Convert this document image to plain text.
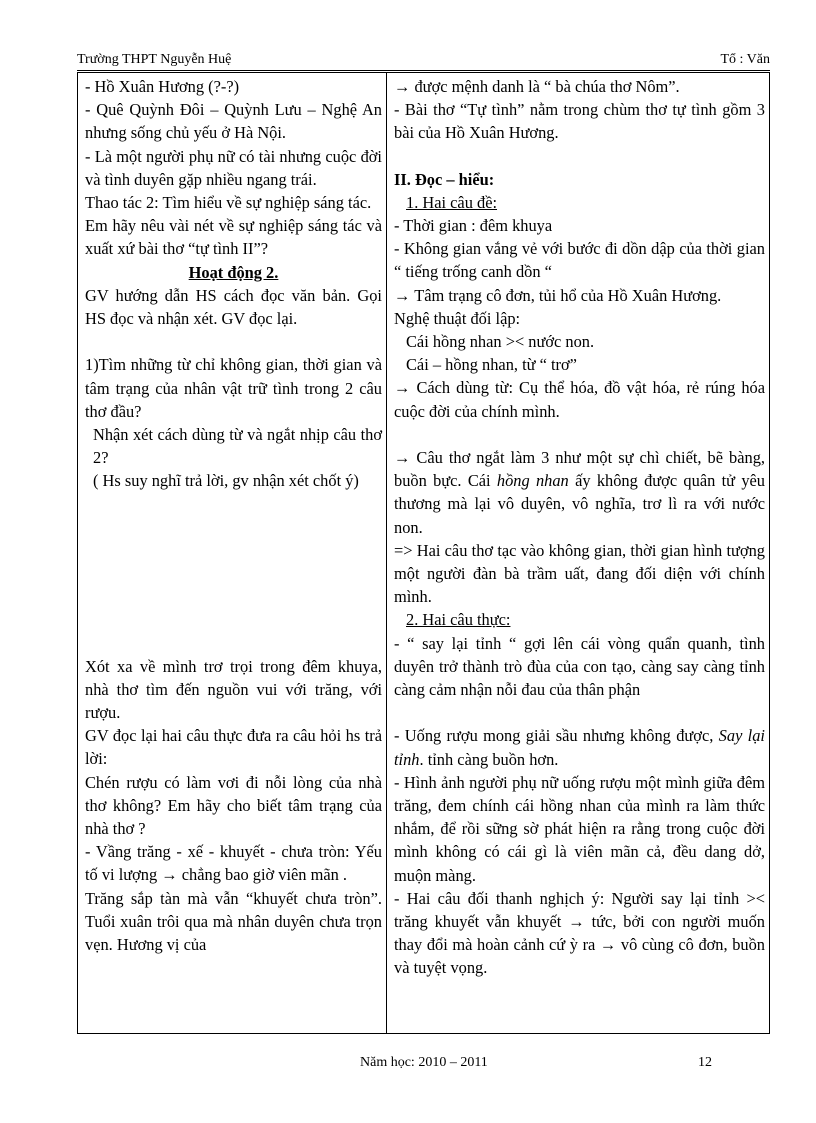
Trường THPT Nguyễn Huệ	Tổ : Văn

- Hồ Xuân Hương (?-?)

- Quê Quỳnh Đôi – Quỳnh Lưu – Nghệ An nhưng sống chủ yếu ở Hà Nội.

- Là một người phụ nữ có tài nhưng cuộc đời và tình duyên gặp nhiều ngang trái.

Thao tác 2: Tìm hiểu về sự nghiệp sáng tác.

Em hãy nêu vài nét về sự nghiệp sáng tác và xuất xứ bài thơ “tự tình II”?

Hoạt động 2.

GV hướng dẫn HS cách đọc văn bản. Gọi HS đọc và nhận xét. GV đọc lại.

1)Tìm những từ chỉ không gian, thời gian và tâm trạng của nhân vật trữ tình trong 2 câu thơ đầu?

Nhận xét cách dùng từ và ngắt nhịp câu thơ 2?

( Hs suy nghĩ trả lời, gv nhận xét chốt ý)

Xót xa về mình trơ trọi trong đêm khuya, nhà thơ tìm đến nguồn vui với trăng, với rượu.

GV đọc lại hai câu thực đưa ra câu hỏi hs trả lời:

Chén rượu có làm vơi đi nỗi lòng của nhà thơ không? Em hãy cho biết tâm trạng của nhà thơ ?

- Vầng trăng - xế - khuyết - chưa tròn: Yếu tố vi lượng → chẳng bao giờ viên mãn .

Trăng sắp tàn mà vẫn “khuyết chưa tròn”. Tuổi xuân trôi qua mà nhân duyên chưa trọn vẹn. Hương vị của

→ được mệnh danh là “ bà chúa thơ Nôm”.

- Bài thơ “Tự tình” nằm trong chùm thơ tự tình gồm 3 bài của Hồ Xuân Hương.

II. Đọc – hiểu:

1. Hai câu đề:

- Thời gian : đêm khuya

- Không gian vắng vẻ với bước đi dồn dập của thời gian “ tiếng trống canh dồn “

→ Tâm trạng cô đơn, tủi hổ của Hồ Xuân Hương.

Nghệ thuật đối lập:

Cái hồng nhan >< nước non.

Cái – hồng nhan, từ “ trơ”

→ Cách dùng từ: Cụ thể hóa, đồ vật hóa, rẻ rúng hóa cuộc đời của chính mình.

→ Câu thơ ngắt làm 3 như một sự chì chiết, bẽ bàng, buồn bực. Cái hồng nhan ấy không được quân tử yêu thương mà lại vô duyên, vô nghĩa, trơ lì ra với nước non.

=> Hai câu thơ tạc vào không gian, thời gian hình tượng một người đàn bà trầm uất, đang đối diện với chính mình.

2. Hai câu thực:

- “ say lại tỉnh “ gợi lên cái vòng quẩn quanh, tình duyên trở thành trò đùa của con tạo, càng say càng tỉnh càng cảm nhận nỗi đau của thân phận

- Uống rượu mong giải sầu nhưng không được, Say lại tỉnh. tỉnh càng buồn hơn.

- Hình ảnh người phụ nữ uống rượu một mình giữa đêm trăng, đem chính cái hồng nhan của mình ra làm thức nhắm, để rồi sững sờ phát hiện ra rằng trong cuộc đời mình không có cái gì là viên mãn cả, đều dang dở, muộn màng.

- Hai câu đối thanh nghịch ý: Người say lại tỉnh >< trăng khuyết vẫn khuyết → tức, bởi con người muốn thay đổi mà hoàn cảnh cứ ỳ ra → vô cùng cô đơn, buồn và tuyệt vọng.

Năm học: 2010 – 2011	12
